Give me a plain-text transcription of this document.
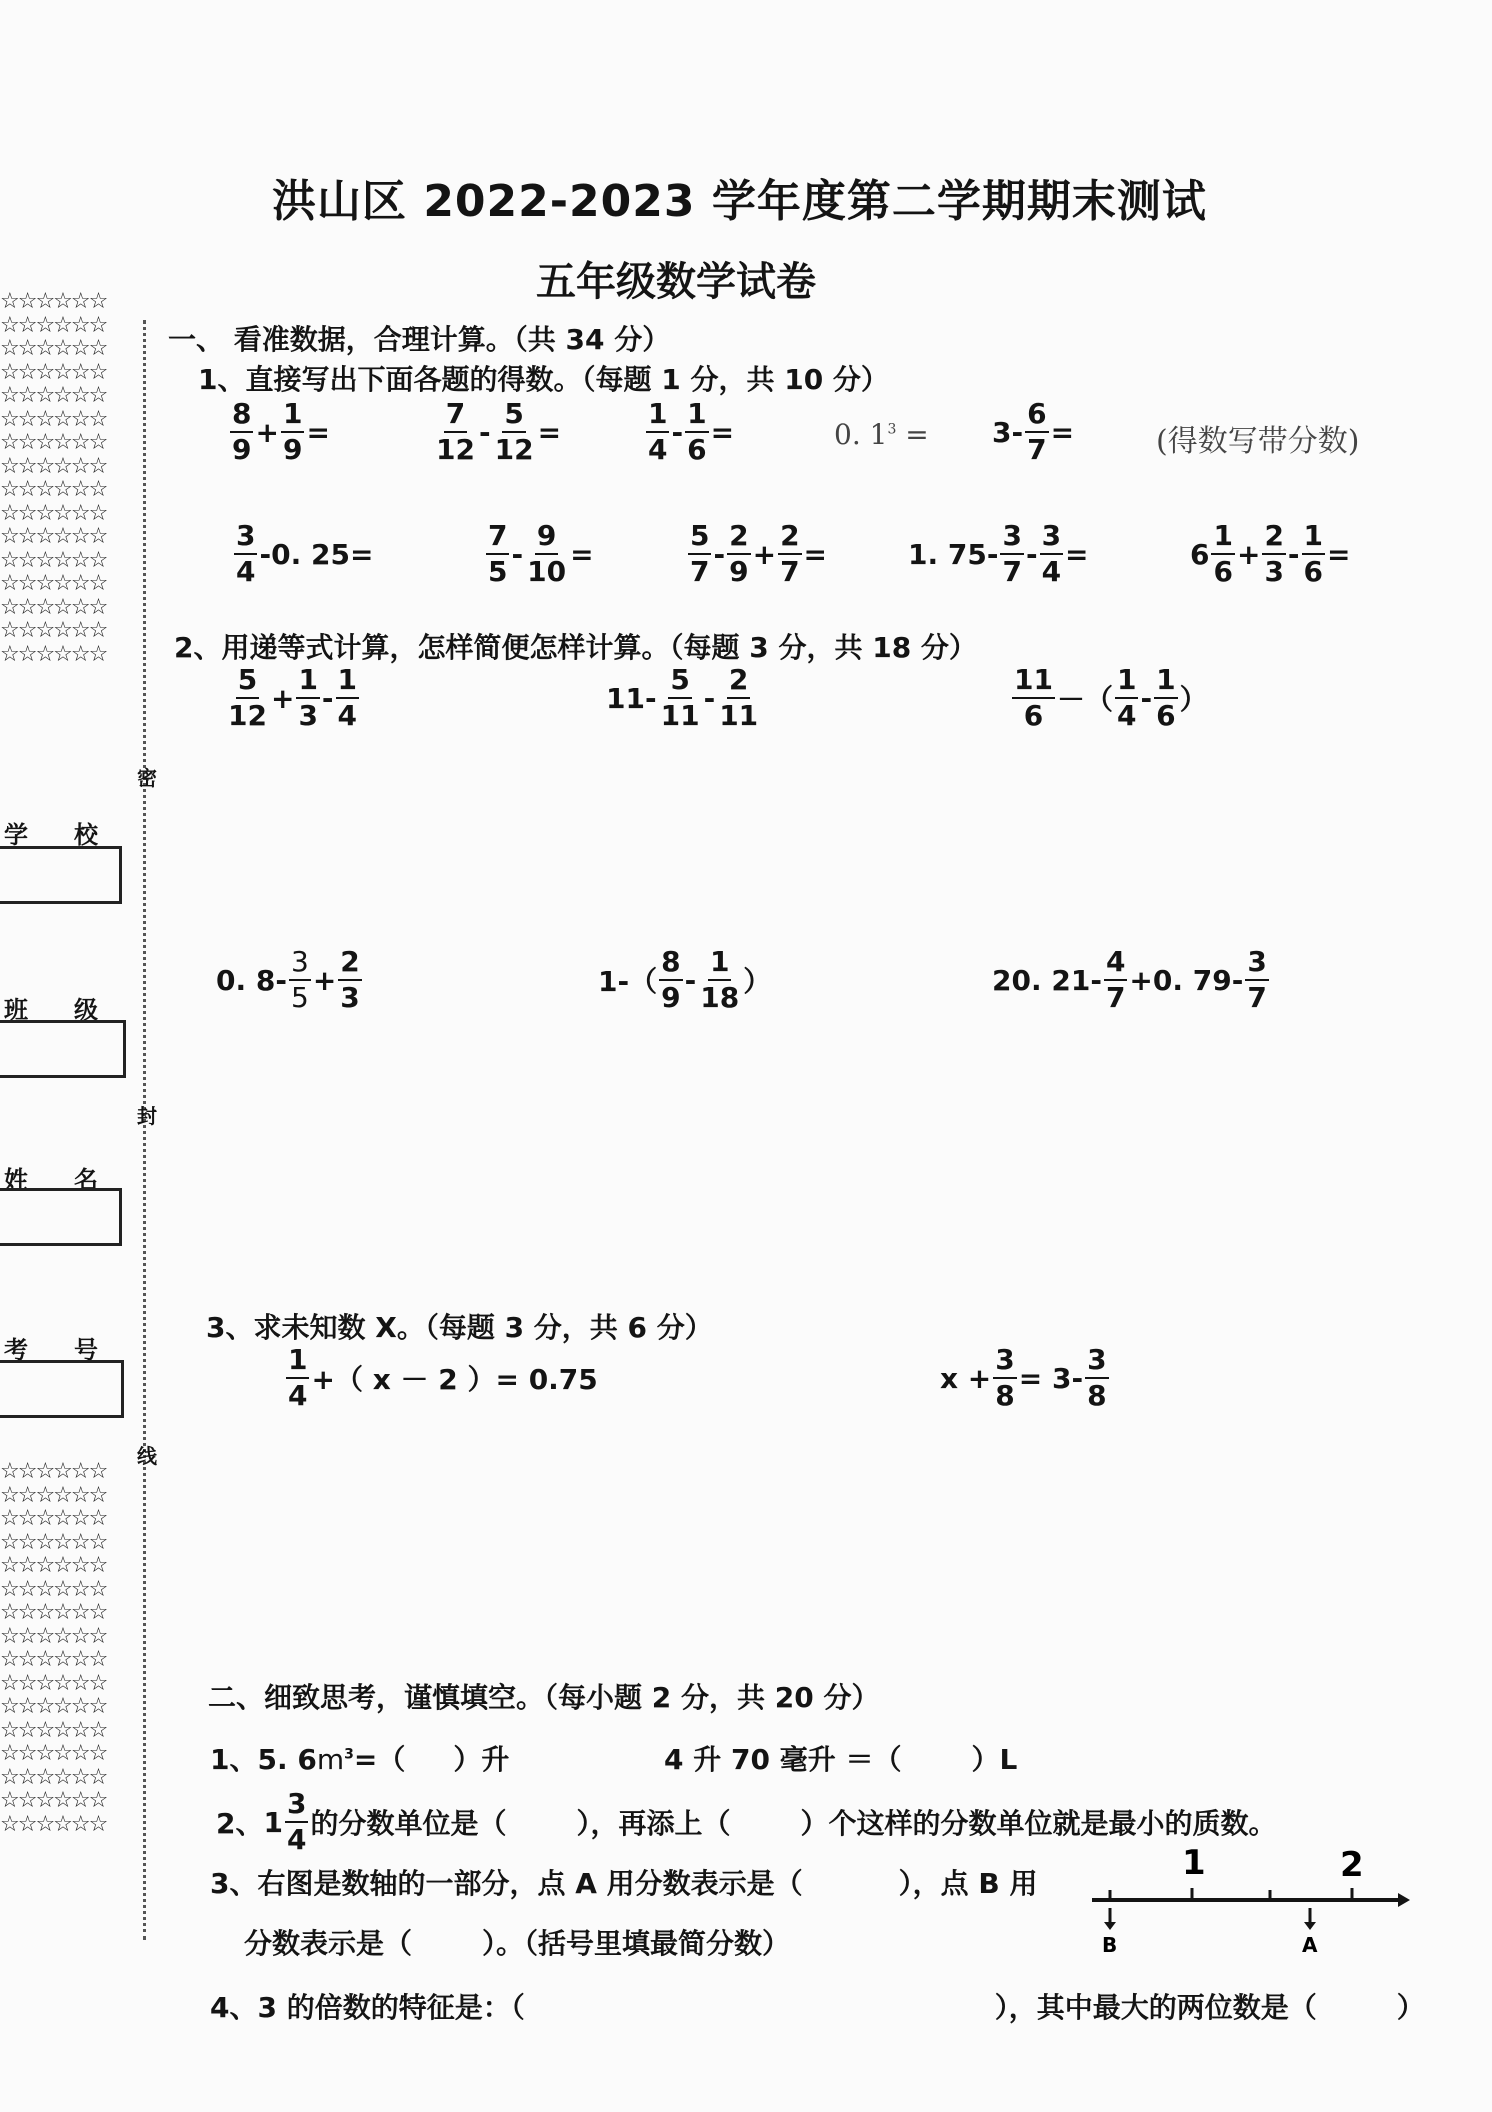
洪山区 2022-2023 学年度第二学期期末测试
五年级数学试卷
☆☆☆☆☆☆
☆☆☆☆☆☆
☆☆☆☆☆☆
☆☆☆☆☆☆
☆☆☆☆☆☆
☆☆☆☆☆☆
☆☆☆☆☆☆
☆☆☆☆☆☆
☆☆☆☆☆☆
☆☆☆☆☆☆
☆☆☆☆☆☆
☆☆☆☆☆☆
☆☆☆☆☆☆
☆☆☆☆☆☆
☆☆☆☆☆☆
☆☆☆☆☆☆
学校
班级
姓名
考号
☆☆☆☆☆☆
☆☆☆☆☆☆
☆☆☆☆☆☆
☆☆☆☆☆☆
☆☆☆☆☆☆
☆☆☆☆☆☆
☆☆☆☆☆☆
☆☆☆☆☆☆
☆☆☆☆☆☆
☆☆☆☆☆☆
☆☆☆☆☆☆
☆☆☆☆☆☆
☆☆☆☆☆☆
☆☆☆☆☆☆
☆☆☆☆☆☆
☆☆☆☆☆☆
密
封
线
一、 看准数据，合理计算。（共 34 分）
1、直接写出下面各题的得数。（每题 1 分，共 10 分）
$\frac{8}{9} + \frac{1}{9}$ =	$\frac{7}{12} - \frac{5}{12}$ =	$\frac{1}{4} - \frac{1}{6}$ =	0. $1^3 = 3- \frac{6}{7}$ =	(得数写带分数)
$\frac{3}{4} -0$. 25=	$\frac{7}{5} - \frac{9}{10}$ =	$\frac{5}{7} - \frac{2}{9} + \frac{2}{7}$ =	1. $75- \frac{3}{7} - \frac{3}{4}$ =	$6 \frac{1}{6} + \frac{2}{3} - \frac{1}{6}$ =
2、用递等式计算，怎样简便怎样计算。（每题 3 分，共 18 分）
$\frac{5}{12} + \frac{1}{3} - \frac{1}{4}$	$11- \frac{5}{11} - \frac{2}{11}$	$\frac{11}{6}$ －（ $\frac{1}{4} - \frac{1}{6}$ ）
0. $8- \frac{3}{5} + \frac{2}{3}$	$1-( \frac{8}{9} - \frac{1}{18}$ ）	20. $21- \frac{4}{7} +0$. $79- \frac{3}{7}$
3、求未知数 X。（每题 3 分，共 6 分）
$\frac{1}{4}$ +（ x － 2 ）= 0.75	$x + \frac{3}{8} = 3- \frac{3}{8}$
二、细致思考，谨慎填空。（每小题 2 分，共 20 分）
1、5. $6m^3=$（ ）升	4 升 70 毫升 ＝（	）L
2、 $1 \frac{3}{4}$ 的分数单位是（	），再添上（	）个这样的分数单位就是最小的质数。
3、右图是数轴的一部分，点 A 用分数表示是（	），点 B 用
分数表示是（	）。（括号里填最简分数）
4、3 的倍数的特征是：（	），其中最大的两位数是（	）
1	2
B	A
